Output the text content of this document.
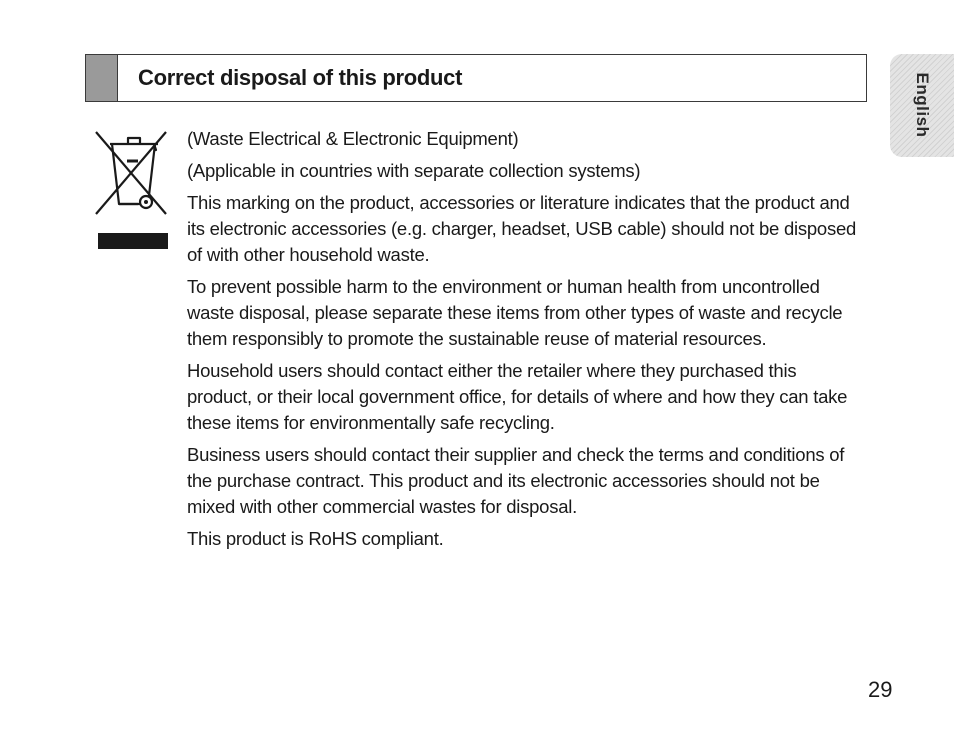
Correct disposal of this product	English

(Waste Electrical & Electronic Equipment)

(Applicable in countries with separate collection systems)

This marking on the product, accessories or literature indicates that the product and its electronic accessories (e.g. charger, headset, USB cable) should not be disposed of with other household waste.

To prevent possible harm to the environment or human health from uncontrolled waste disposal, please separate these items from other types of waste and recycle them responsibly to promote the sustainable reuse of material resources.

Household users should contact either the retailer where they purchased this product, or their local government office, for details of where and how they can take these items for environmentally safe recycling.

Business users should contact their supplier and check the terms and conditions of the purchase contract. This product and its electronic accessories should not be mixed with other commercial wastes for disposal.

This product is RoHS compliant.

29
